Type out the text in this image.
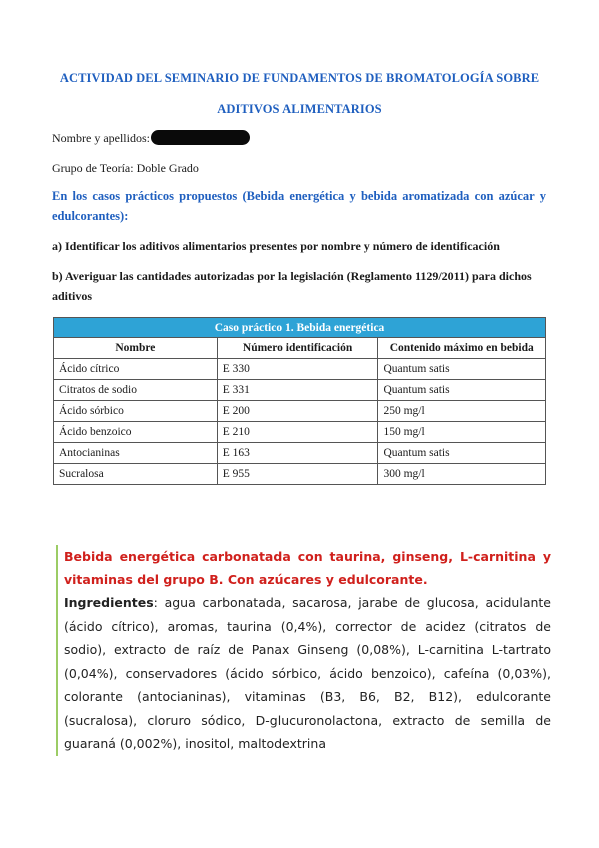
ACTIVIDAD DEL SEMINARIO DE FUNDAMENTOS DE BROMATOLOGÍA SOBRE
ADITIVOS ALIMENTARIOS
Nombre y apellidos:
Grupo de Teoría: Doble Grado
En los casos prácticos propuestos (Bebida energética y bebida aromatizada con azúcar y edulcorantes):
a) Identificar los aditivos alimentarios presentes por nombre y número de identificación
b) Averiguar las cantidades autorizadas por la legislación (Reglamento 1129/2011) para dichos aditivos
Caso práctico 1. Bebida energética		
Nombre	Número identificación	Contenido máximo en bebida
Ácido cítrico	E 330	Quantum satis
Citratos de sodio	E 331	Quantum satis
Ácido sórbico	E 200	250 mg/l
Ácido benzoico	E 210	150 mg/l
Antocianinas	E 163	Quantum satis
Sucralosa	E 955	300 mg/l
Bebida energética carbonatada con taurina, ginseng, L-carnitina y vitaminas del grupo B. Con azúcares y edulcorante.
Ingredientes: agua carbonatada, sacarosa, jarabe de glucosa, acidulante (ácido cítrico), aromas, taurina (0,4%), corrector de acidez (citratos de sodio), extracto de raíz de Panax Ginseng (0,08%), L-carnitina L-tartrato (0,04%), conservadores (ácido sórbico, ácido benzoico), cafeína (0,03%), colorante (antocianinas), vitaminas (B3, B6, B2, B12), edulcorante (sucralosa), cloruro sódico, D-glucuronolactona, extracto de semilla de guaraná (0,002%), inositol, maltodextrina
